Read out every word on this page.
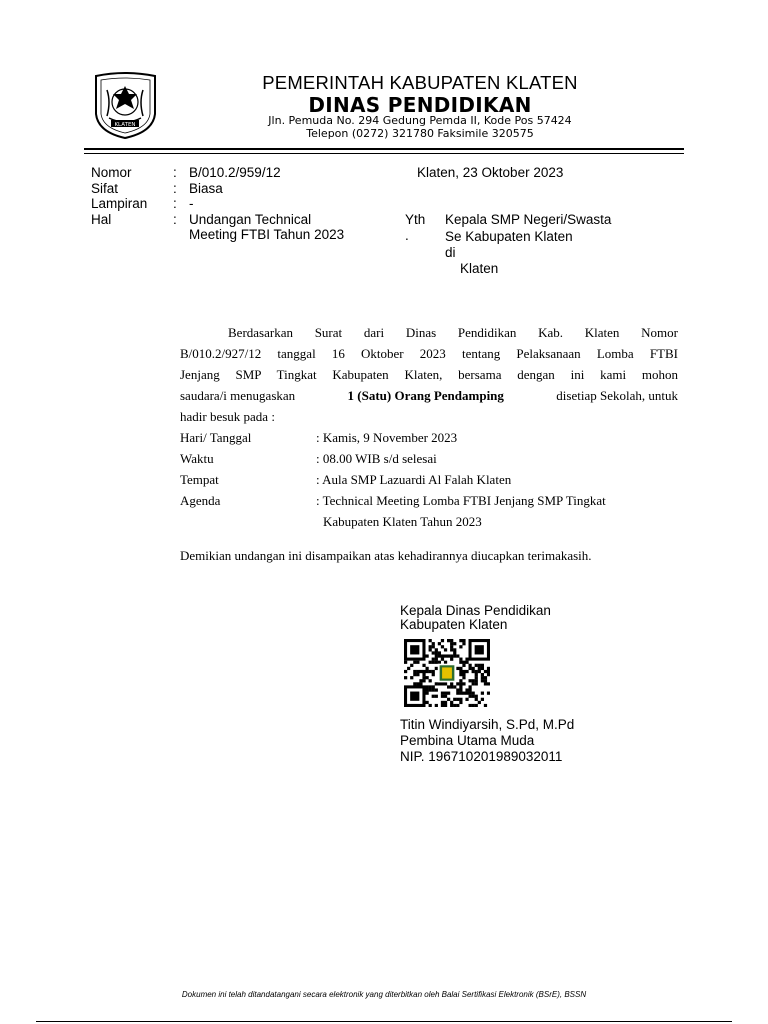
KLATEN
PEMERINTAH KABUPATEN KLATEN
DINAS PENDIDIKAN
Jln. Pemuda No. 294 Gedung Pemda II, Kode Pos 57424
Telepon (0272) 321780 Faksimile 320575
Nomor	: B/010.2/959/12
Sifat	: Biasa
Lampiran : -
Hal	: Undangan Technical
Meeting FTBI Tahun 2023
Klaten, 23 Oktober 2023
Yth
.
Kepala SMP Negeri/Swasta
Se Kabupaten Klaten
di
Klaten
Berdasarkan Surat dari Dinas Pendidikan Kab. Klaten Nomor
B/010.2/927/12 tanggal 16 Oktober 2023 tentang Pelaksanaan Lomba FTBI
Jenjang SMP Tingkat Kabupaten Klaten, bersama dengan ini kami mohon
saudara/i menugaskan	1 (Satu) Orang Pendamping	disetiap Sekolah, untuk
hadir besuk pada :
Hari/ Tanggal	: Kamis, 9 November 2023
Waktu	: 08.00 WIB s/d selesai
Tempat	: Aula SMP Lazuardi Al Falah Klaten
Agenda	: Technical Meeting Lomba FTBI Jenjang SMP Tingkat
Kabupaten Klaten Tahun 2023
Demikian undangan ini disampaikan atas kehadirannya diucapkan terimakasih.
Kepala Dinas Pendidikan
Kabupaten Klaten
Titin Windiyarsih, S.Pd, M.Pd
Pembina Utama Muda
NIP. 196710201989032011
Dokumen ini telah ditandatangani secara elektronik yang diterbitkan oleh Balai Sertifikasi Elektronik (BSrE), BSSN
